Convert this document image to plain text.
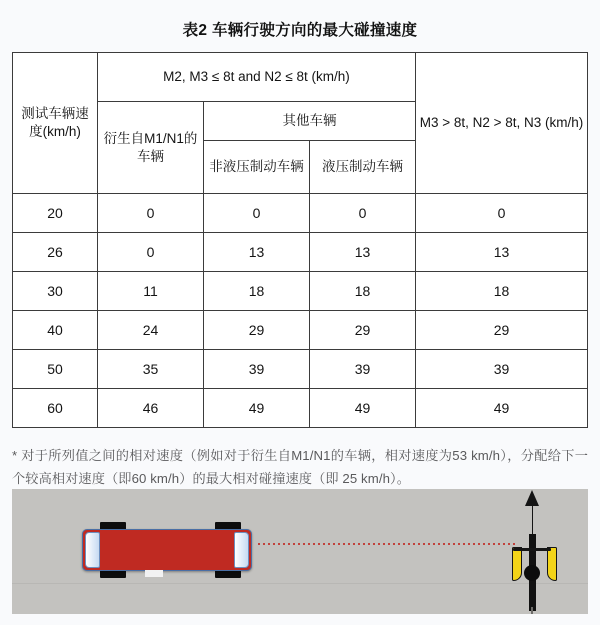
表2 车辆行驶方向的最大碰撞速度
测试车辆速度(km/h)	M2, M3 ≤ 8t and N2 ≤ 8t (km/h)			M3 > 8t, N2 > 8t, N3 (km/h)
	衍生自M1/N1的车辆	其他车辆		
		非液压制动车辆	液压制动车辆	
20	0	0	0	0
26	0	13	13	13
30	11	18	18	18
40	24	29	29	29
50	35	39	39	39
60	46	49	49	49
* 对于所列值之间的相对速度（例如对于衍生自M1/N1的车辆，相对速度为53 km/h），分配给下一个较高相对速度（即60 km/h）的最大相对碰撞速度（即 25 km/h）。
